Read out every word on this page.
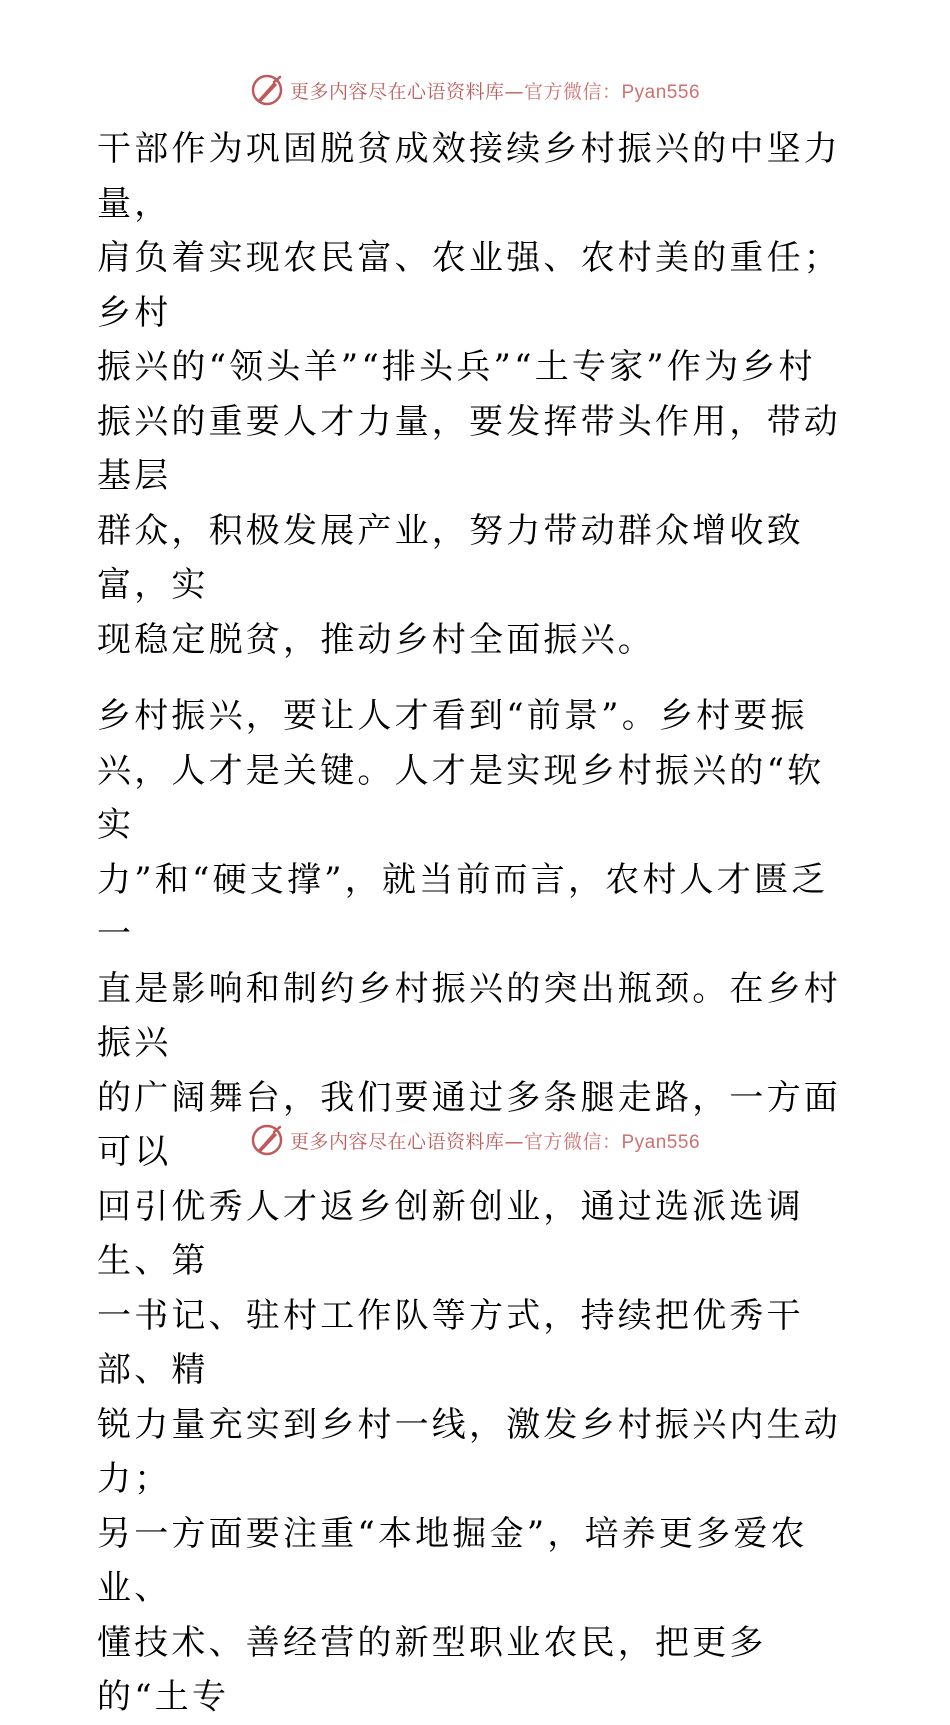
更多内容尽在心语资料库—官方微信：Pyan556

干部作为巩固脱贫成效接续乡村振兴的中坚力量，
肩负着实现农民富、农业强、农村美的重任；乡村
振兴的“领头羊”“排头兵”“土专家”作为乡村
振兴的重要人才力量，要发挥带头作用，带动基层
群众，积极发展产业，努力带动群众增收致富，实
现稳定脱贫，推动乡村全面振兴。

乡村振兴，要让人才看到“前景”。乡村要振
兴，人才是关键。人才是实现乡村振兴的“软实
力”和“硬支撑”，就当前而言，农村人才匮乏一
直是影响和制约乡村振兴的突出瓶颈。在乡村振兴
的广阔舞台，我们要通过多条腿走路，一方面可以
回引优秀人才返乡创新创业，通过选派选调生、第
一书记、驻村工作队等方式，持续把优秀干部、精
锐力量充实到乡村一线，激发乡村振兴内生动力；
另一方面要注重“本地掘金”，培养更多爱农业、
懂技术、善经营的新型职业农民，把更多的“土专

更多内容尽在心语资料库—官方微信：Pyan556
